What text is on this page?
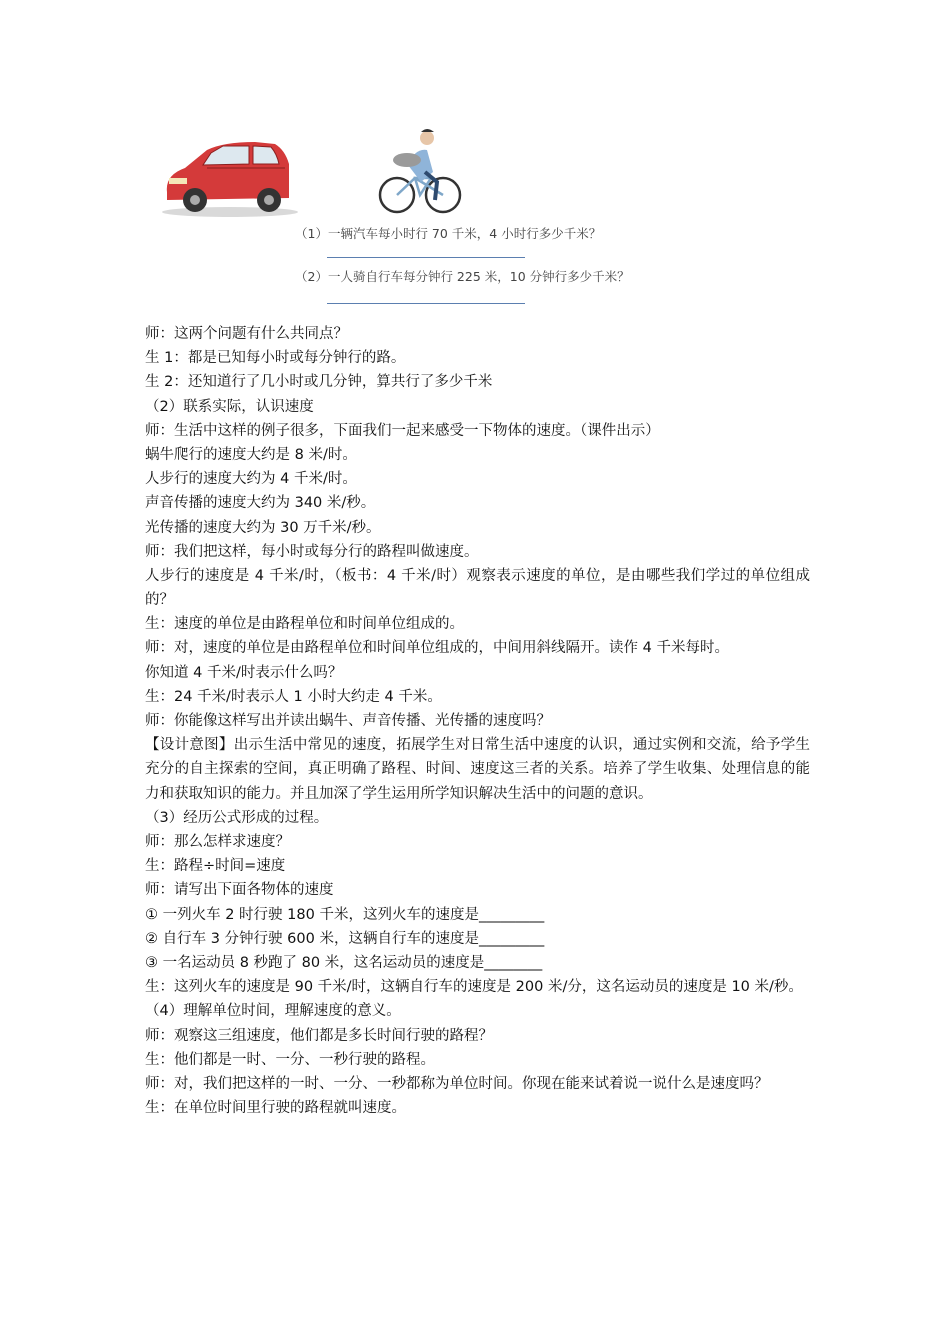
（1）一辆汽车每小时行 70 千米，4 小时行多少千米？
（2）一人骑自行车每分钟行 225 米，10 分钟行多少千米？
师：这两个问题有什么共同点？
生 1：都是已知每小时或每分钟行的路。
生 2：还知道行了几小时或几分钟，算共行了多少千米
（2）联系实际，认识速度
师：生活中这样的例子很多，下面我们一起来感受一下物体的速度。（课件出示）
蜗牛爬行的速度大约是 8 米/时。
人步行的速度大约为 4 千米/时。
声音传播的速度大约为 340 米/秒。
光传播的速度大约为 30 万千米/秒。
师：我们把这样，每小时或每分行的路程叫做速度。
人步行的速度是 4 千米/时，（板书：4 千米/时）观察表示速度的单位，是由哪些我们学过的单位组成的？
生：速度的单位是由路程单位和时间单位组成的。
师：对，速度的单位是由路程单位和时间单位组成的，中间用斜线隔开。读作 4 千米每时。
你知道 4 千米/时表示什么吗？
生：24 千米/时表示人 1 小时大约走 4 千米。
师：你能像这样写出并读出蜗牛、声音传播、光传播的速度吗？
【设计意图】出示生活中常见的速度，拓展学生对日常生活中速度的认识，通过实例和交流，给予学生充分的自主探索的空间，真正明确了路程、时间、速度这三者的关系。培养了学生收集、处理信息的能力和获取知识的能力。并且加深了学生运用所学知识解决生活中的问题的意识。
（3）经历公式形成的过程。
师：那么怎样求速度？
生：路程÷时间=速度
师：请写出下面各物体的速度
① 一列火车 2 时行驶 180 千米，这列火车的速度是_________
② 自行车 3 分钟行驶 600 米，这辆自行车的速度是_________
③ 一名运动员 8 秒跑了 80 米，这名运动员的速度是________
生：这列火车的速度是 90 千米/时，这辆自行车的速度是 200 米/分，这名运动员的速度是 10 米/秒。
（4）理解单位时间，理解速度的意义。
师：观察这三组速度，他们都是多长时间行驶的路程？
生：他们都是一时、一分、一秒行驶的路程。
师：对，我们把这样的一时、一分、一秒都称为单位时间。你现在能来试着说一说什么是速度吗？
生：在单位时间里行驶的路程就叫速度。
